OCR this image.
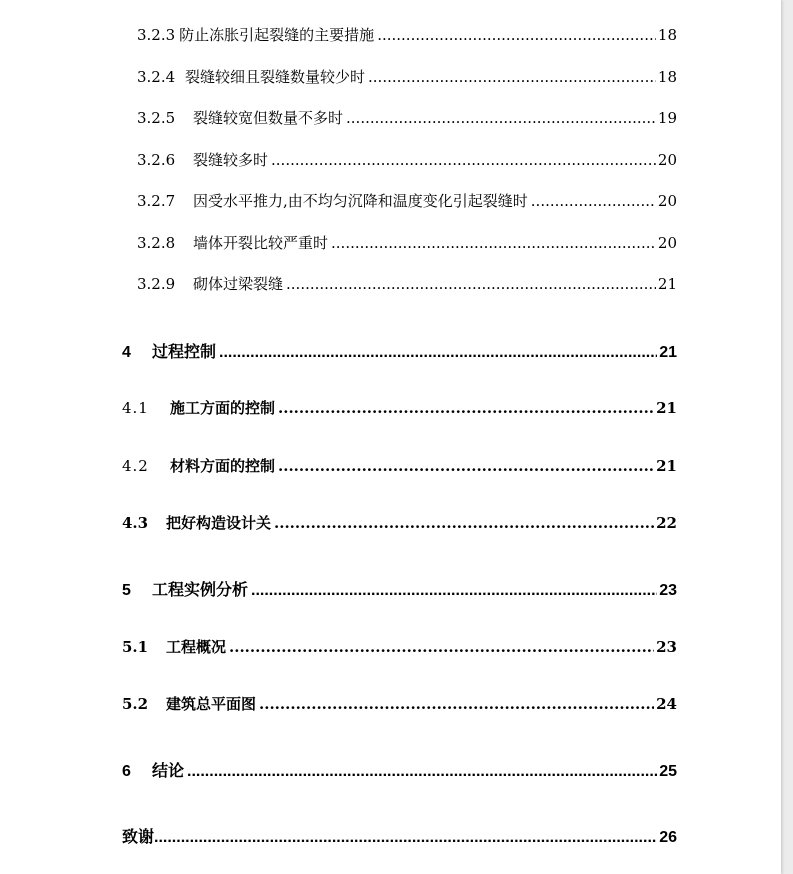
3.2.3 防止冻胀引起裂缝的主要措施 .....	18
3.2.4 裂缝较细且裂缝数量较少时 .....	18
3.2.5	裂缝较宽但数量不多时 .....	19
3.2.6	裂缝较多时 .....	20
3.2.7	因受水平推力,由不均匀沉降和温度变化引起裂缝时 .....	20
3.2.8	墙体开裂比较严重时 .....	20
3.2.9	砌体过梁裂缝 .....	21
4	过程控制 .....	21
4.1	施工方面的控制 .....	21
4.2	材料方面的控制 .....	21
4.3	把好构造设计关 .....	22
5	工程实例分析 .....	23
5.1	工程概况 .....	23
5.2	建筑总平面图 .....	24
6	结论 .....	25
致谢 .....	26
